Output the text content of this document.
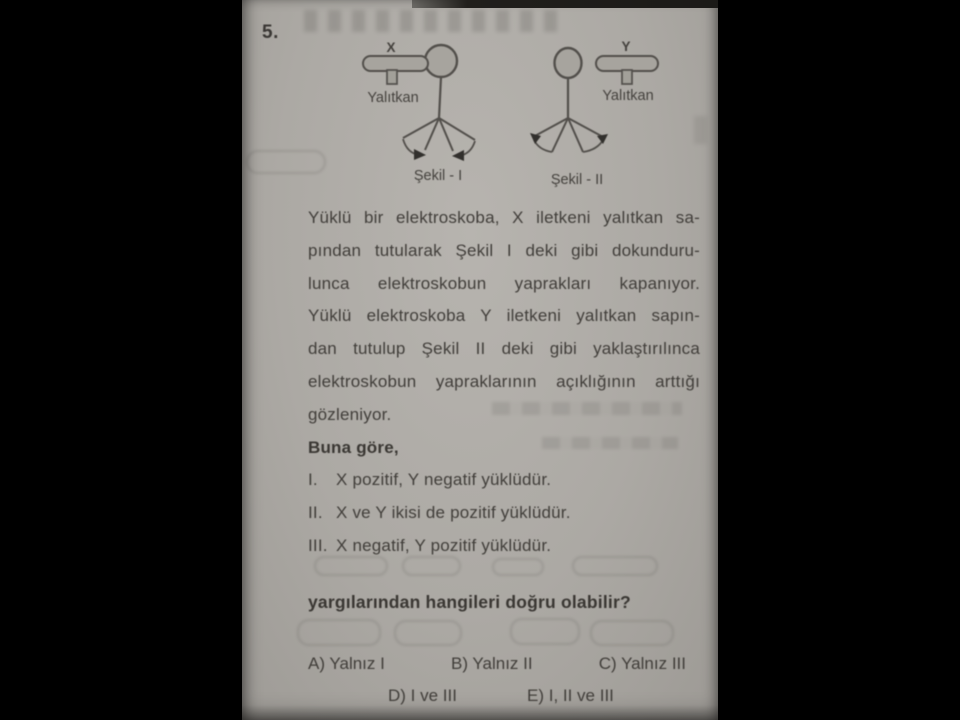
5.
X
Yalıtkan
Şekil - I
Y
Yalıtkan
Şekil - II
Yüklü bir elektroskoba, X iletkeni yalıtkan sa-
pından tutularak Şekil I deki gibi dokunduru-
lunca elektroskobun yaprakları kapanıyor.
Yüklü elektroskoba Y iletkeni yalıtkan sapın-
dan tutulup Şekil II deki gibi yaklaştırılınca
elektroskobun yapraklarının açıklığının arttığı
gözleniyor.
Buna göre,
I.	X pozitif, Y negatif yüklüdür.
II. X ve Y ikisi de pozitif yüklüdür.
III. X negatif, Y pozitif yüklüdür.
yargılarından hangileri doğru olabilir?
A) Yalnız I	B) Yalnız II	C) Yalnız III
D) I ve III	E) I, II ve III
